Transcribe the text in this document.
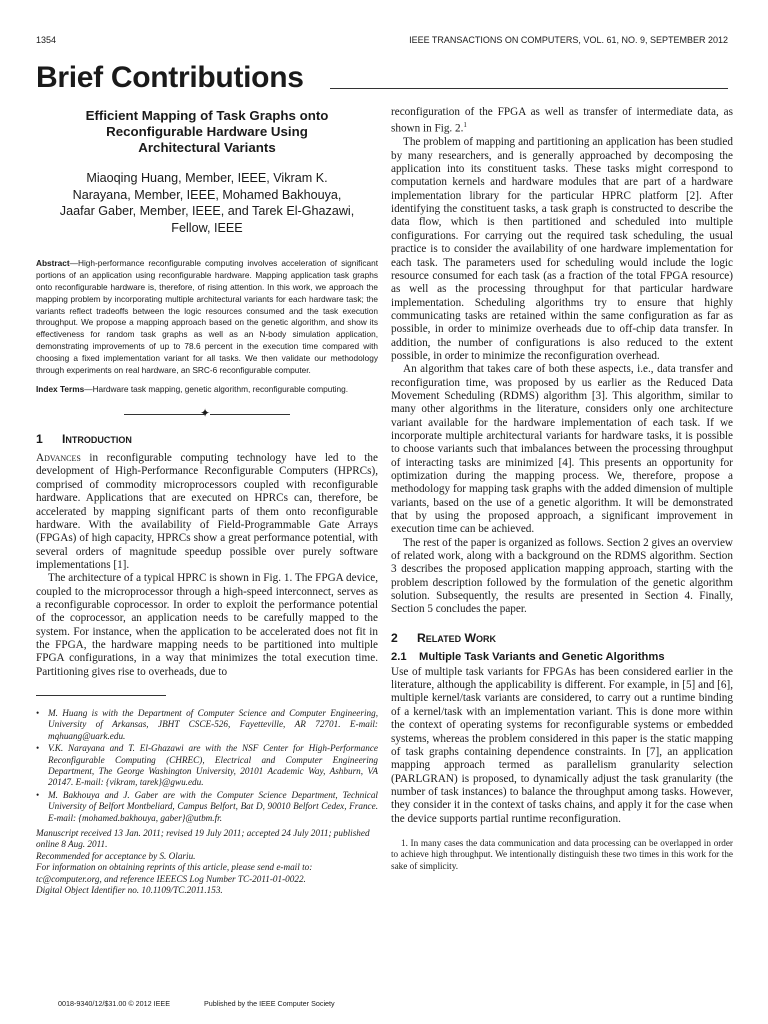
1354	IEEE TRANSACTIONS ON COMPUTERS, VOL. 61, NO. 9, SEPTEMBER 2012
Brief Contributions
Efficient Mapping of Task Graphs onto Reconfigurable Hardware Using Architectural Variants
Miaoqing Huang, Member, IEEE, Vikram K. Narayana, Member, IEEE, Mohamed Bakhouya, Jaafar Gaber, Member, IEEE, and Tarek El-Ghazawi, Fellow, IEEE
Abstract—High-performance reconfigurable computing involves acceleration of significant portions of an application using reconfigurable hardware. Mapping application task graphs onto reconfigurable hardware is, therefore, of rising attention. In this work, we approach the mapping problem by incorporating multiple architectural variants for each hardware task; the variants reflect tradeoffs between the logic resources consumed and the task execution throughput. We propose a mapping approach based on the genetic algorithm, and show its effectiveness for random task graphs as well as an N-body simulation application, demonstrating improvements of up to 78.6 percent in the execution time compared with choosing a fixed implementation variant for all tasks. We then validate our methodology through experiments on real hardware, an SRC-6 reconfigurable computer.
Index Terms—Hardware task mapping, genetic algorithm, reconfigurable computing.
✦
1 Introduction

Advances in reconfigurable computing technology have led to the development of High-Performance Reconfigurable Computers (HPRCs), comprised of commodity microprocessors coupled with reconfigurable hardware. Applications that are executed on HPRCs can, therefore, be accelerated by mapping significant parts of them onto reconfigurable hardware. With the availability of Field-Programmable Gate Arrays (FPGAs) of high capacity, HPRCs show a great performance potential, with several orders of magnitude speedup possible over purely software implementations [1].

The architecture of a typical HPRC is shown in Fig. 1. The FPGA device, coupled to the microprocessor through a high-speed interconnect, serves as a reconfigurable coprocessor. In order to exploit the performance potential of the coprocessor, an application needs to be carefully mapped to the system. For instance, when the application to be accelerated does not fit in the FPGA, the hardware mapping needs to be partitioned into multiple FPGA configurations, in a way that minimizes the total execution time. Partitioning gives rise to overheads, due to

• M. Huang is with the Department of Computer Science and Computer Engineering, University of Arkansas, JBHT CSCE-526, Fayetteville, AR 72701. E-mail: mqhuang@uark.edu.
• V.K. Narayana and T. El-Ghazawi are with the NSF Center for High-Performance Reconfigurable Computing (CHREC), Electrical and Computer Engineering Department, The George Washington University, 20101 Academic Way, Ashburn, VA 20147. E-mail: {vikram, tarek}@gwu.edu.
• M. Bakhouya and J. Gaber are with the Computer Science Department, Technical University of Belfort Montbeliard, Campus Belfort, Bat D, 90010 Belfort Cedex, France. E-mail: {mohamed.bakhouya, gaber}@utbm.fr.
Manuscript received 13 Jan. 2011; revised 19 July 2011; accepted 24 July 2011; published online 8 Aug. 2011.
Recommended for acceptance by S. Olariu.
For information on obtaining reprints of this article, please send e-mail to: tc@computer.org, and reference IEEECS Log Number TC-2011-01-0022.
Digital Object Identifier no. 10.1109/TC.2011.153.

reconfiguration of the FPGA as well as transfer of intermediate data, as shown in Fig. 2.$^1$

The problem of mapping and partitioning an application has been studied by many researchers, and is generally approached by decomposing the application into its constituent tasks. These tasks might correspond to computation kernels and hardware modules that are part of a hardware implementation library for the particular HPRC platform [2]. After identifying the constituent tasks, a task graph is constructed to describe the data flow, which is then partitioned and scheduled into multiple configurations. For carrying out the required task scheduling, the usual practice is to consider the availability of one hardware implementation for each task. The parameters used for scheduling would include the logic resource consumed for each task (as a fraction of the total FPGA resource) as well as the processing throughput for that particular hardware implementation. Scheduling algorithms try to ensure that highly communicating tasks are retained within the same configuration as far as possible, in order to minimize overheads due to off-chip data transfer. In addition, the number of configurations is also reduced to the extent possible, in order to minimize the reconfiguration overhead.

An algorithm that takes care of both these aspects, i.e., data transfer and reconfiguration time, was proposed by us earlier as the Reduced Data Movement Scheduling (RDMS) algorithm [3]. This algorithm, similar to many other algorithms in the literature, considers only one architecture variant available for the hardware implementation of each task. If we incorporate multiple architectural variants for hardware tasks, it is possible to choose variants such that imbalances between the processing throughput of interacting tasks are minimized [4]. This presents an opportunity for optimization during the mapping process. We, therefore, propose a methodology for mapping task graphs with the added dimension of multiple variants, based on the use of a genetic algorithm. It will be demonstrated that by using the proposed approach, a significant improvement in execution time can be achieved.

The rest of the paper is organized as follows. Section 2 gives an overview of related work, along with a background on the RDMS algorithm. Section 3 describes the proposed application mapping approach, starting with the problem description followed by the formulation of the genetic algorithm solution. Subsequently, the results are presented in Section 4. Finally, Section 5 concludes the paper.

2 Related Work
2.1 Multiple Task Variants and Genetic Algorithms

Use of multiple task variants for FPGAs has been considered earlier in the literature, although the applicability is different. For example, in [5] and [6], multiple kernel/task variants are considered, to carry out a runtime binding of a kernel/task with an implementation variant. This is done more within the context of operating systems for reconfigurable systems or embedded systems, whereas the problem considered in this paper is the static mapping of task graphs containing dependence constraints. In [7], an application mapping approach termed as parallelism granularity selection (PARLGRAN) is proposed, to dynamically adjust the task granularity (the number of task instances) to balance the throughput among tasks. However, they consider it in the context of tasks chains, and apply it for the case when the device supports partial runtime reconfiguration.

1. In many cases the data communication and data processing can be overlapped in order to achieve high throughput. We intentionally distinguish these two times in this work for the sake of simplicity.
0018-9340/12/$31.00 © 2012 IEEE	Published by the IEEE Computer Society
